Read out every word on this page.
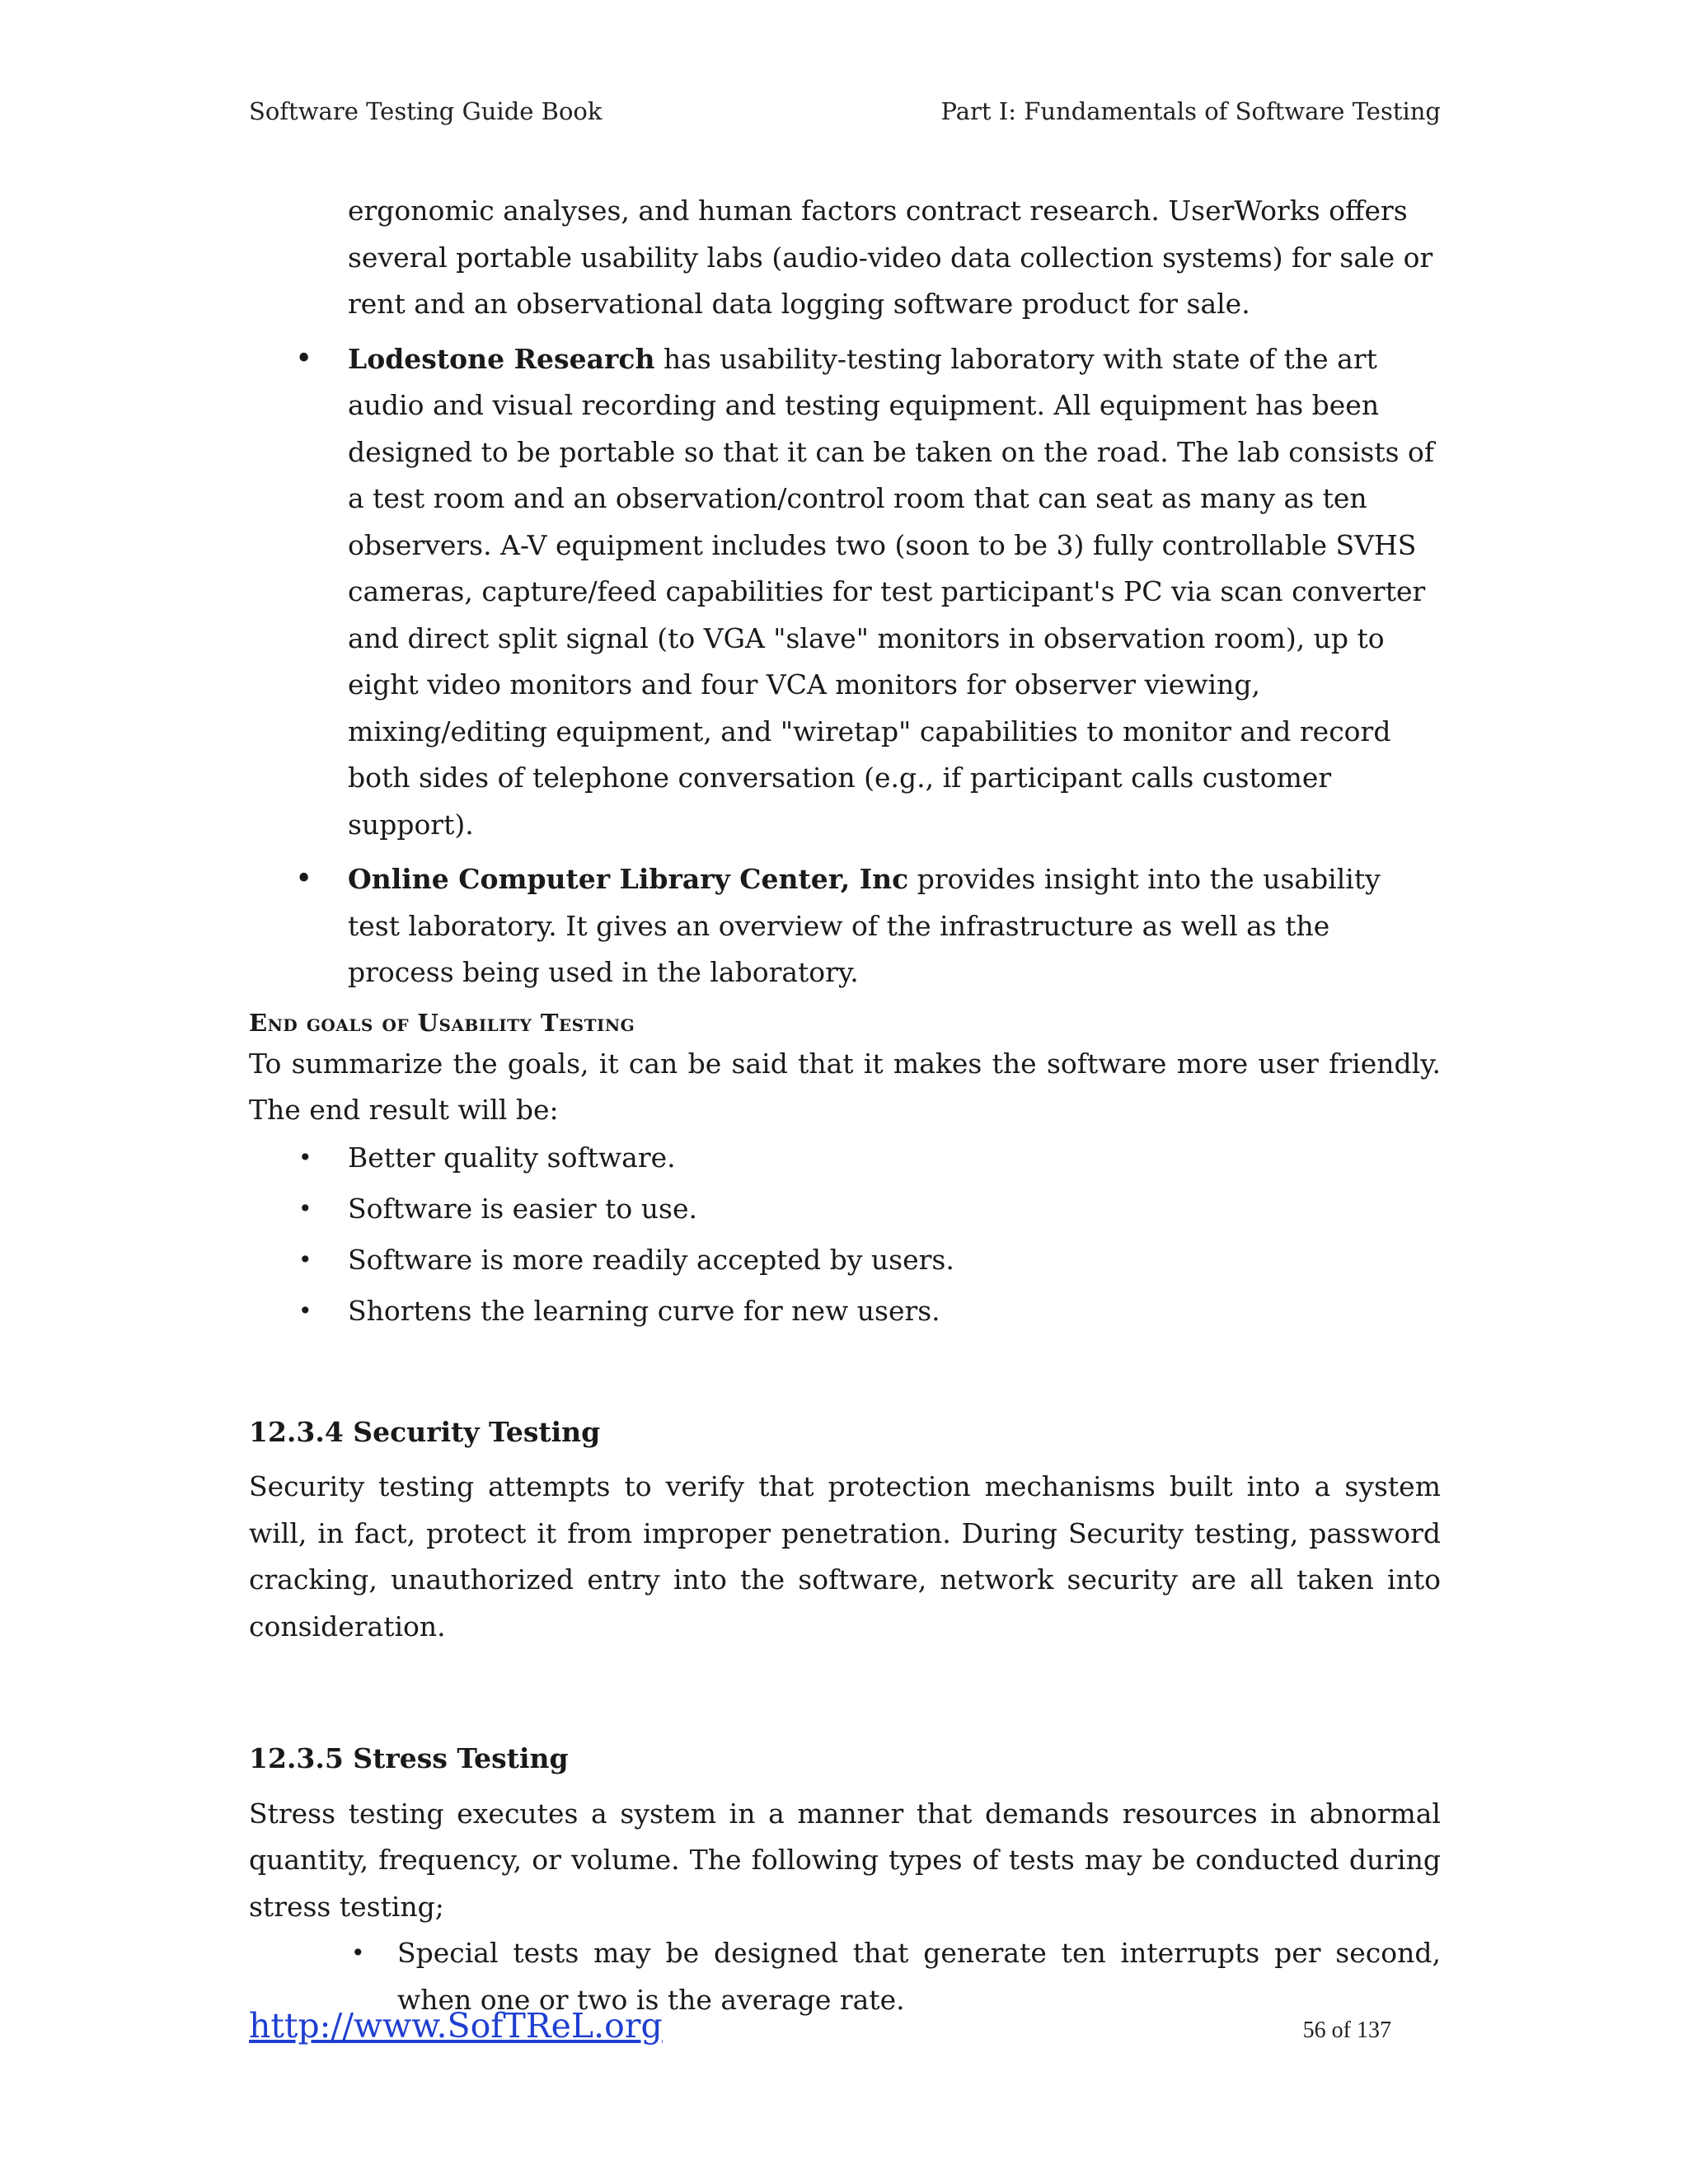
Software Testing Guide Book	Part I: Fundamentals of Software Testing

ergonomic analyses, and human factors contract research. UserWorks offers several portable usability labs (audio-video data collection systems) for sale or rent and an observational data logging software product for sale.

• Lodestone Research has usability-testing laboratory with state of the art audio and visual recording and testing equipment. All equipment has been designed to be portable so that it can be taken on the road. The lab consists of a test room and an observation/control room that can seat as many as ten observers. A-V equipment includes two (soon to be 3) fully controllable SVHS cameras, capture/feed capabilities for test participant's PC via scan converter and direct split signal (to VGA "slave" monitors in observation room), up to eight video monitors and four VCA monitors for observer viewing, mixing/editing equipment, and "wiretap" capabilities to monitor and record both sides of telephone conversation (e.g., if participant calls customer support).
• Online Computer Library Center, Inc provides insight into the usability test laboratory. It gives an overview of the infrastructure as well as the process being used in the laboratory.
End goals of Usability Testing

To summarize the goals, it can be said that it makes the software more user friendly. The end result will be:

• Better quality software.
• Software is easier to use.
• Software is more readily accepted by users.
• Shortens the learning curve for new users.
12.3.4 Security Testing

Security testing attempts to verify that protection mechanisms built into a system will, in fact, protect it from improper penetration. During Security testing, password cracking, unauthorized entry into the software, network security are all taken into consideration.

12.3.5 Stress Testing

Stress testing executes a system in a manner that demands resources in abnormal quantity, frequency, or volume. The following types of tests may be conducted during stress testing;

• Special tests may be designed that generate ten interrupts per second, when one or two is the average rate.
http://www.SofTReL.org	56 of 137
